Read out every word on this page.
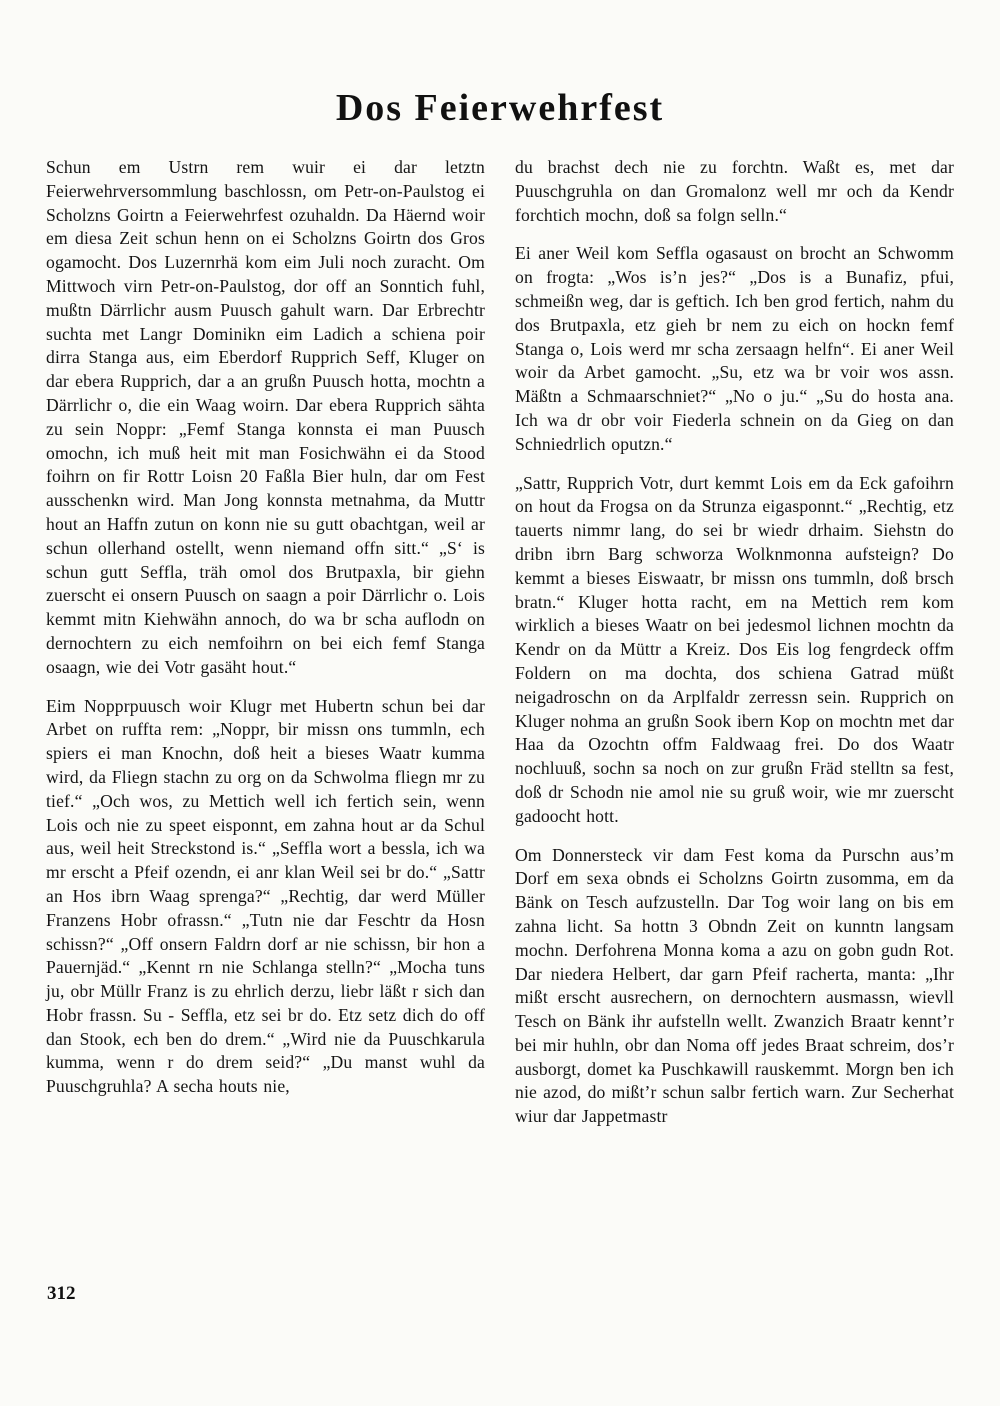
Dos Feierwehrfest

Schun em Ustrn rem wuir ei dar letztn Feierwehrversommlung baschlossn, om Petr-on-Paulstog ei Scholzns Goirtn a Feierwehrfest ozuhaldn. Da Häernd woir em diesa Zeit schun henn on ei Scholzns Goirtn dos Gros ogamocht. Dos Luzernrhä kom eim Juli noch zuracht. Om Mittwoch virn Petr-on-Paulstog, dor off an Sonntich fuhl, mußtn Därrlichr ausm Puusch gahult warn. Dar Erbrechtr suchta met Langr Dominikn eim Ladich a schiena poir dirra Stanga aus, eim Eberdorf Rupprich Seff, Kluger on dar ebera Rupprich, dar a an grußn Puusch hotta, mochtn a Därrlichr o, die ein Waag woirn. Dar ebera Rupprich sähta zu sein Noppr: „Femf Stanga konnsta ei man Puusch omochn, ich muß heit mit man Fosichwähn ei da Stood foihrn on fir Rottr Loisn 20 Faßla Bier huln, dar om Fest ausschenkn wird. Man Jong konnsta metnahma, da Muttr hout an Haffn zutun on konn nie su gutt obachtgan, weil ar schun ollerhand ostellt, wenn niemand offn sitt.“ „S‘ is schun gutt Seffla, träh omol dos Brutpaxla, bir giehn zuerscht ei onsern Puusch on saagn a poir Därrlichr o. Lois kemmt mitn Kiehwähn annoch, do wa br scha auflodn on dernochtern zu eich nemfoihrn on bei eich femf Stanga osaagn, wie dei Votr gasäht hout.“

Eim Nopprpuusch woir Klugr met Hubertn schun bei dar Arbet on ruffta rem: „Noppr, bir missn ons tummln, ech spiers ei man Knochn, doß heit a bieses Waatr kumma wird, da Fliegn stachn zu org on da Schwolma fliegn mr zu tief.“ „Och wos, zu Mettich well ich fertich sein, wenn Lois och nie zu speet eisponnt, em zahna hout ar da Schul aus, weil heit Streckstond is.“ „Seffla wort a bessla, ich wa mr erscht a Pfeif ozendn, ei anr klan Weil sei br do.“ „Sattr an Hos ibrn Waag sprenga?“ „Rechtig, dar werd Müller Franzens Hobr ofrassn.“ „Tutn nie dar Feschtr da Hosn schissn?“ „Off onsern Faldrn dorf ar nie schissn, bir hon a Pauernjäd.“ „Kennt rn nie Schlanga stelln?“ „Mocha tuns ju, obr Müllr Franz is zu ehrlich derzu, liebr läßt r sich dan Hobr frassn. Su - Seffla, etz sei br do. Etz setz dich do off dan Stook, ech ben do drem.“ „Wird nie da Puuschkarula kumma, wenn r do drem seid?“ „Du manst wuhl da Puuschgruhla? A secha houts nie,

du brachst dech nie zu forchtn. Waßt es, met dar Puuschgruhla on dan Gromalonz well mr och da Kendr forchtich mochn, doß sa folgn selln.“

Ei aner Weil kom Seffla ogasaust on brocht an Schwomm on frogta: „Wos is’n jes?“ „Dos is a Bunafiz, pfui, schmeißn weg, dar is geftich. Ich ben grod fertich, nahm du dos Brutpaxla, etz gieh br nem zu eich on hockn femf Stanga o, Lois werd mr scha zersaagn helfn“. Ei aner Weil woir da Arbet gamocht. „Su, etz wa br voir wos assn. Mäßtn a Schmaarschniet?“ „No o ju.“ „Su do hosta ana. Ich wa dr obr voir Fiederla schnein on da Gieg on dan Schniedrlich oputzn.“

„Sattr, Rupprich Votr, durt kemmt Lois em da Eck gafoihrn on hout da Frogsa on da Strunza eigasponnt.“ „Rechtig, etz tauerts nimmr lang, do sei br wiedr drhaim. Siehstn do dribn ibrn Barg schworza Wolknmonna aufsteign? Do kemmt a bieses Eiswaatr, br missn ons tummln, doß brsch bratn.“ Kluger hotta racht, em na Mettich rem kom wirklich a bieses Waatr on bei jedesmol lichnen mochtn da Kendr on da Müttr a Kreiz. Dos Eis log fengrdeck offm Foldern on ma dochta, dos schiena Gatrad müßt neigadroschn on da Arplfaldr zerressn sein. Rupprich on Kluger nohma an grußn Sook ibern Kop on mochtn met dar Haa da Ozochtn offm Faldwaag frei. Do dos Waatr nochluuß, sochn sa noch on zur grußn Fräd stelltn sa fest, doß dr Schodn nie amol nie su gruß woir, wie mr zuerscht gadoocht hott.

Om Donnersteck vir dam Fest koma da Purschn aus’m Dorf em sexa obnds ei Scholzns Goirtn zusomma, em da Bänk on Tesch aufzustelln. Dar Tog woir lang on bis em zahna licht. Sa hottn 3 Obndn Zeit on kunntn langsam mochn. Derfohrena Monna koma a azu on gobn gudn Rot. Dar niedera Helbert, dar garn Pfeif racherta, manta: „Ihr mißt erscht ausrechern, on dernochtern ausmassn, wievll Tesch on Bänk ihr aufstelln wellt. Zwanzich Braatr kennt’r bei mir huhln, obr dan Noma off jedes Braat schreim, dos’r ausborgt, domet ka Puschkawill rauskemmt. Morgn ben ich nie azod, do mißt’r schun salbr fertich warn. Zur Secherhat wiur dar Jappetmastr

312
